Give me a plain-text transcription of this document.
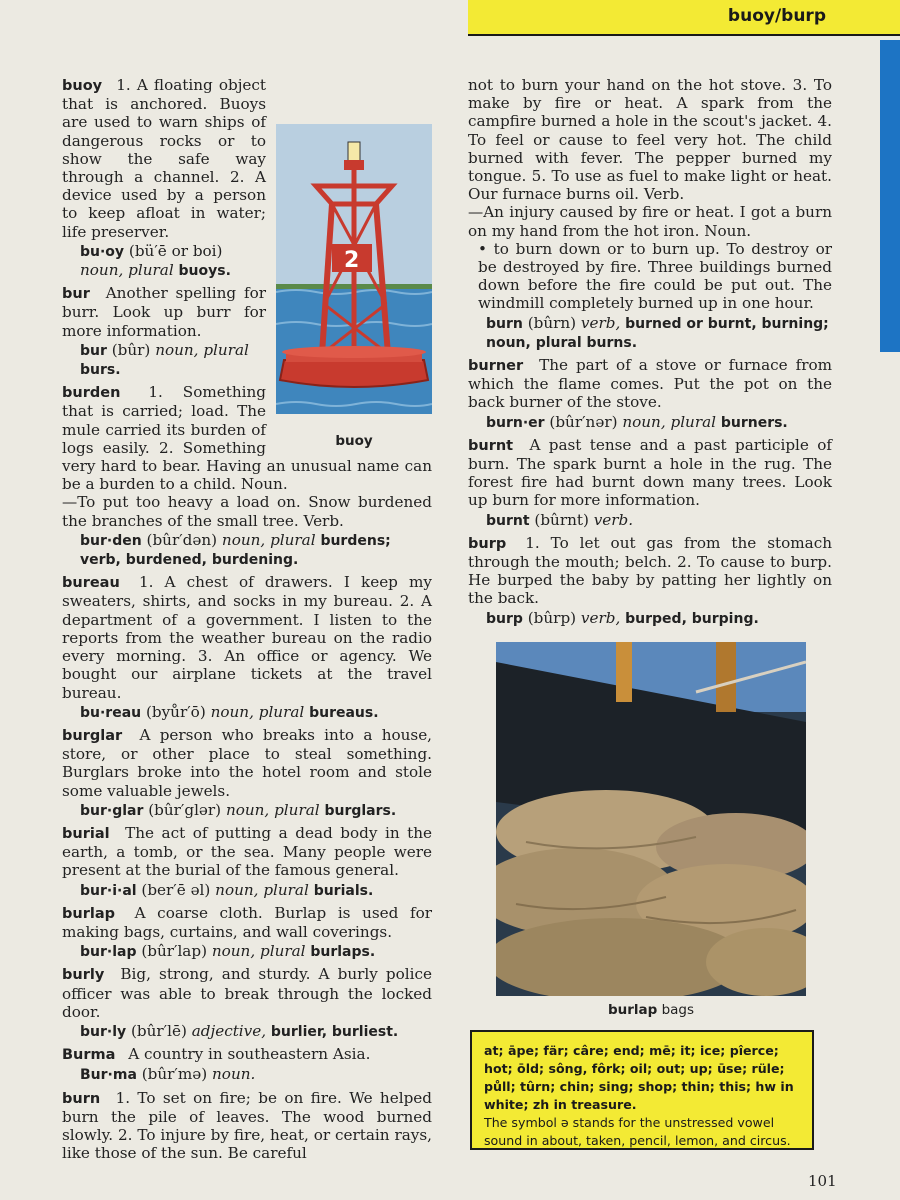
buoy/burp
buoy
2
buoy
1. A floating object that is anchored. Buoys are used to warn ships of dangerous rocks or to show the safe way through a channel. 2. A device used by a person to keep afloat in water; life preserver.
bu·oy (bü′ē or boi) noun, plural buoys.
bur Another spelling for burr. Look up burr for more information.
bur (bûr) noun, plural burs.
burden 1. Something that is carried; load. The mule carried its burden of logs easily. 2. Something very hard to bear. Having an unusual name can be a burden to a child. Noun.
—To put too heavy a load on. Snow burdened the branches of the small tree. Verb.
bur·den (bûr′dən) noun, plural burdens; verb, burdened, burdening.
bureau 1. A chest of drawers. I keep my sweaters, shirts, and socks in my bureau. 2. A department of a government. I listen to the reports from the weather bureau on the radio every morning. 3. An office or agency. We bought our airplane tickets at the travel bureau.
bu·reau (byůr′ō) noun, plural bureaus.
burglar A person who breaks into a house, store, or other place to steal something. Burglars broke into the hotel room and stole some valuable jewels.
bur·glar (bûr′glər) noun, plural burglars.
burial The act of putting a dead body in the earth, a tomb, or the sea. Many people were present at the burial of the famous general.
bur·i·al (ber′ē əl) noun, plural burials.
burlap A coarse cloth. Burlap is used for making bags, curtains, and wall coverings.
bur·lap (bûr′lap) noun, plural burlaps.
burly Big, strong, and sturdy. A burly police officer was able to break through the locked door.
bur·ly (bûr′lē) adjective, burlier, burliest.
Burma A country in southeastern Asia.
Bur·ma (bûr′mə) noun.
burn 1. To set on fire; be on fire. We helped burn the pile of leaves. The wood burned slowly. 2. To injure by fire, heat, or certain rays, like those of the sun. Be careful
not to burn your hand on the hot stove. 3. To make by fire or heat. A spark from the campfire burned a hole in the scout's jacket. 4. To feel or cause to feel very hot. The child burned with fever. The pepper burned my tongue. 5. To use as fuel to make light or heat. Our furnace burns oil. Verb.
—An injury caused by fire or heat. I got a burn on my hand from the hot iron. Noun.
• to burn down or to burn up. To destroy or be destroyed by fire. Three buildings burned down before the fire could be put out. The windmill completely burned up in one hour.
burn (bûrn) verb, burned or burnt, burning; noun, plural burns.
burner The part of a stove or furnace from which the flame comes. Put the pot on the back burner of the stove.
burn·er (bûr′nər) noun, plural burners.
burnt A past tense and a past participle of burn. The spark burnt a hole in the rug. The forest fire had burnt down many trees. Look up burn for more information.
burnt (bûrnt) verb.
burp 1. To let out gas from the stomach through the mouth; belch. 2. To cause to burp. He burped the baby by patting her lightly on the back.
burp (bûrp) verb, burped, burping.
burlap bags
at; āpe; fär; câre; end; mē; it; ice; pîerce; hot; ōld; sông, fôrk; oil; out; up; ūse; rüle; půll; tûrn; chin; sing; shop; thin; this; hw in white; zh in treasure.
The symbol ə stands for the unstressed vowel sound in about, taken, pencil, lemon, and circus.
101
